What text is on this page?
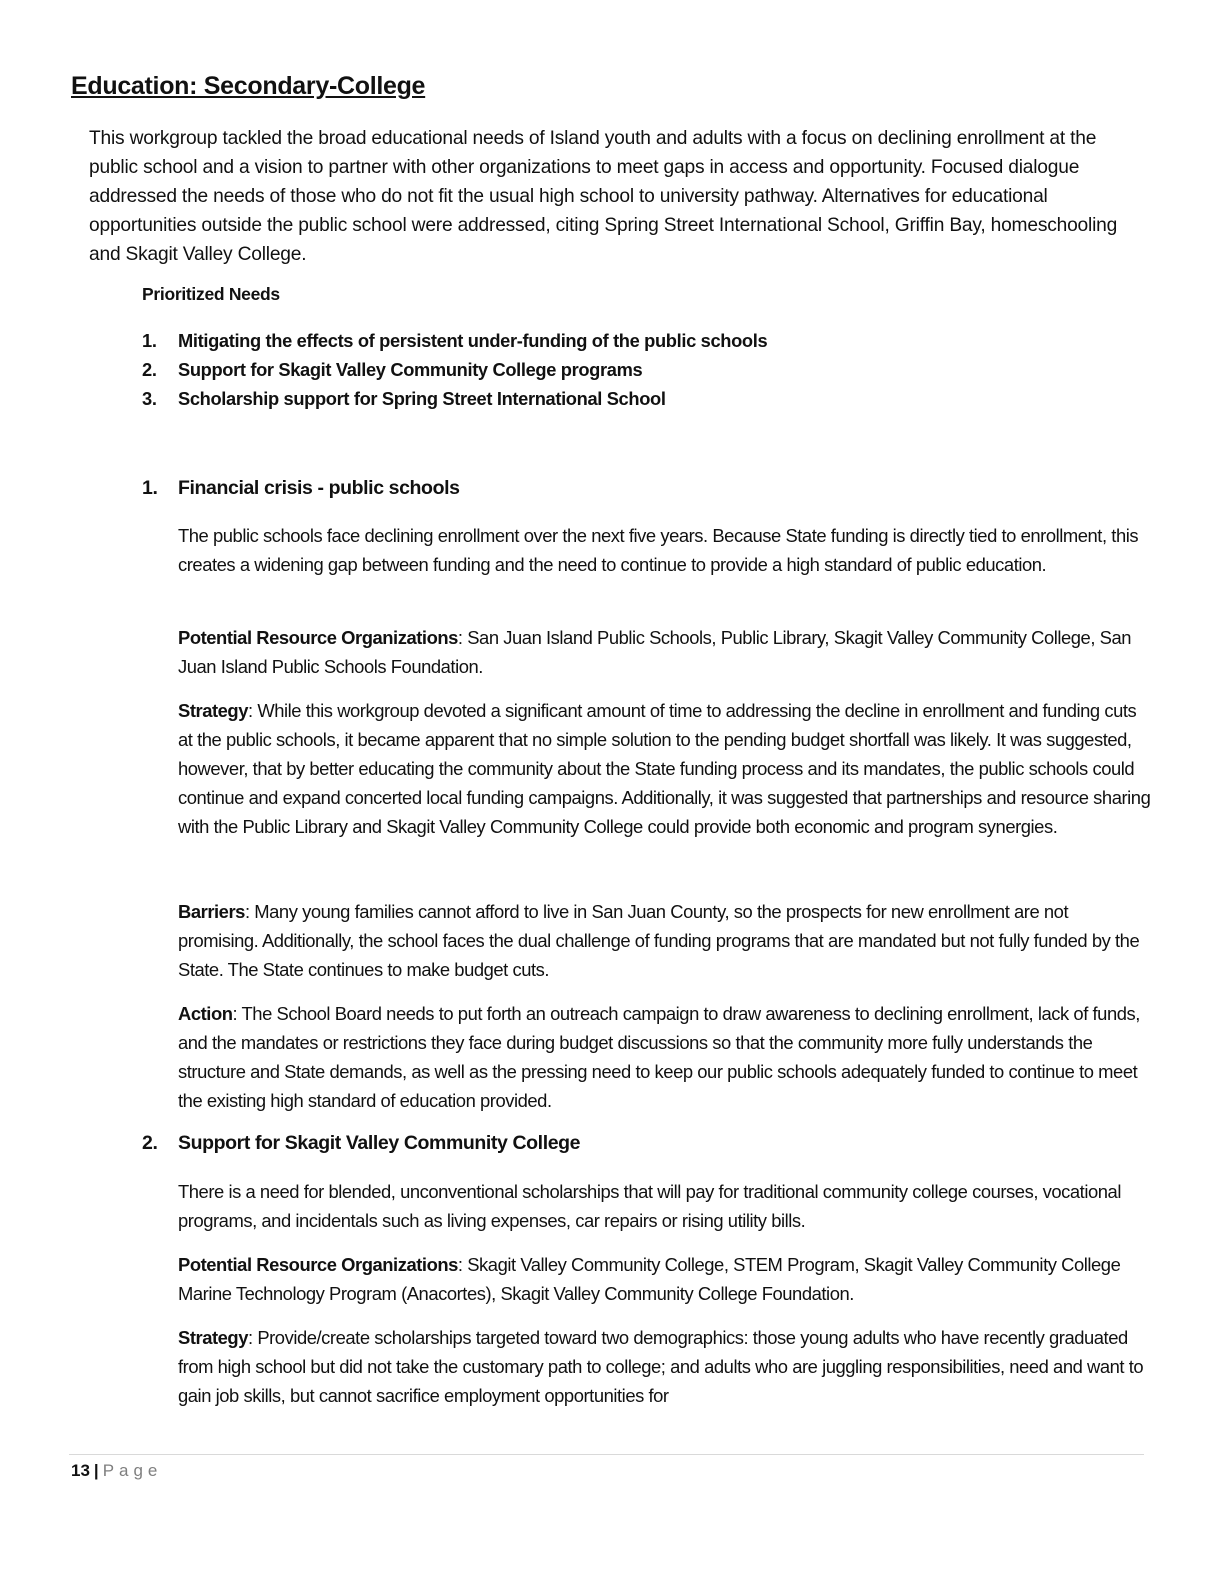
Education: Secondary-College

This workgroup tackled the broad educational needs of Island youth and adults with a focus on declining enrollment at the public school and a vision to partner with other organizations to meet gaps in access and opportunity. Focused dialogue addressed the needs of those who do not fit the usual high school to university pathway. Alternatives for educational opportunities outside the public school were addressed, citing Spring Street International School, Griffin Bay, homeschooling and Skagit Valley College.

Prioritized Needs

1.	Mitigating the effects of persistent under-funding of the public schools
2.	Support for Skagit Valley Community College programs
3.	Scholarship support for Spring Street International School
1.	Financial crisis - public schools

The public schools face declining enrollment over the next five years. Because State funding is directly tied to enrollment, this creates a widening gap between funding and the need to continue to provide a high standard of public education.

Potential Resource Organizations: San Juan Island Public Schools, Public Library, Skagit Valley Community College, San Juan Island Public Schools Foundation.

Strategy: While this workgroup devoted a significant amount of time to addressing the decline in enrollment and funding cuts at the public schools, it became apparent that no simple solution to the pending budget shortfall was likely. It was suggested, however, that by better educating the community about the State funding process and its mandates, the public schools could continue and expand concerted local funding campaigns. Additionally, it was suggested that partnerships and resource sharing with the Public Library and Skagit Valley Community College could provide both economic and program synergies.

Barriers: Many young families cannot afford to live in San Juan County, so the prospects for new enrollment are not promising. Additionally, the school faces the dual challenge of funding programs that are mandated but not fully funded by the State. The State continues to make budget cuts.

Action: The School Board needs to put forth an outreach campaign to draw awareness to declining enrollment, lack of funds, and the mandates or restrictions they face during budget discussions so that the community more fully understands the structure and State demands, as well as the pressing need to keep our public schools adequately funded to continue to meet the existing high standard of education provided.

2.	Support for Skagit Valley Community College

There is a need for blended, unconventional scholarships that will pay for traditional community college courses, vocational programs, and incidentals such as living expenses, car repairs or rising utility bills.

Potential Resource Organizations: Skagit Valley Community College, STEM Program, Skagit Valley Community College Marine Technology Program (Anacortes), Skagit Valley Community College Foundation.

Strategy: Provide/create scholarships targeted toward two demographics: those young adults who have recently graduated from high school but did not take the customary path to college; and adults who are juggling responsibilities, need and want to gain job skills, but cannot sacrifice employment opportunities for

13 | Page
